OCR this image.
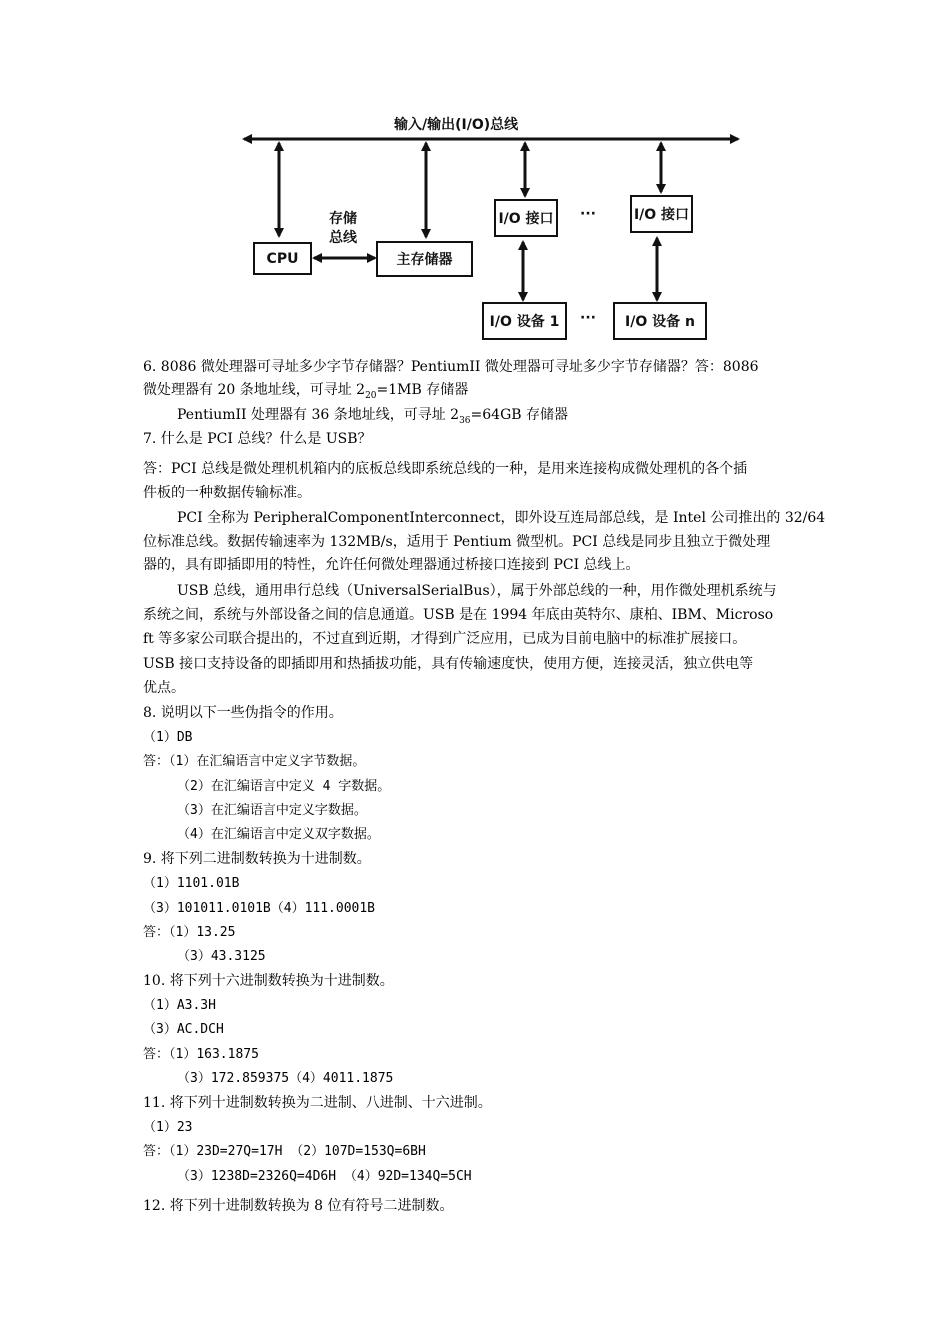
输入/输出(I/O)总线
CPU
存储
总线
主存储器
I/O 接口	···	I/O 接口
I/O 设备 1	···	I/O 设备 n
6. 8086 微处理器可寻址多少字节存储器？PentiumII 微处理器可寻址多少字节存储器？答：8086
微处理器有 20 条地址线，可寻址 $2_{20}=1MB$ 存储器
PentiumII 处理器有 36 条地址线，可寻址 $2_{36}=64GB$ 存储器
7. 什么是 PCI 总线？什么是 USB？
答：PCI 总线是微处理机机箱内的底板总线即系统总线的一种，是用来连接构成微处理机的各个插
件板的一种数据传输标准。
PCI 全称为 PeripheralComponentInterconnect，即外设互连局部总线，是 Intel 公司推出的 32/64
位标准总线。数据传输速率为 132MB/s，适用于 Pentium 微型机。PCI 总线是同步且独立于微处理
器的，具有即插即用的特性，允许任何微处理器通过桥接口连接到 PCI 总线上。
USB 总线，通用串行总线（UniversalSerialBus），属于外部总线的一种，用作微处理机系统与
系统之间，系统与外部设备之间的信息通道。USB 是在 1994 年底由英特尔、康柏、IBM、Microso
ft 等多家公司联合提出的，不过直到近期，才得到广泛应用，已成为目前电脑中的标准扩展接口。
USB 接口支持设备的即插即用和热插拔功能，具有传输速度快，使用方便，连接灵活，独立供电等
优点。
8. 说明以下一些伪指令的作用。
（1）DB
答：（1）在汇编语言中定义字节数据。
（2）在汇编语言中定义 4 字数据。
（3）在汇编语言中定义字数据。
（4）在汇编语言中定义双字数据。
9. 将下列二进制数转换为十进制数。
（1）1101.01B
（3）101011.0101B（4）111.0001B
答：（1）13.25
（3）43.3125
10. 将下列十六进制数转换为十进制数。
（1）A3.3H
（3）AC.DCH
答：（1）163.1875
（3）172.859375（4）4011.1875
11. 将下列十进制数转换为二进制、八进制、十六进制。
（1）23
答：（1）23D=27Q=17H （2）107D=153Q=6BH
（3）1238D=2326Q=4D6H （4）92D=134Q=5CH
12. 将下列十进制数转换为 8 位有符号二进制数。
